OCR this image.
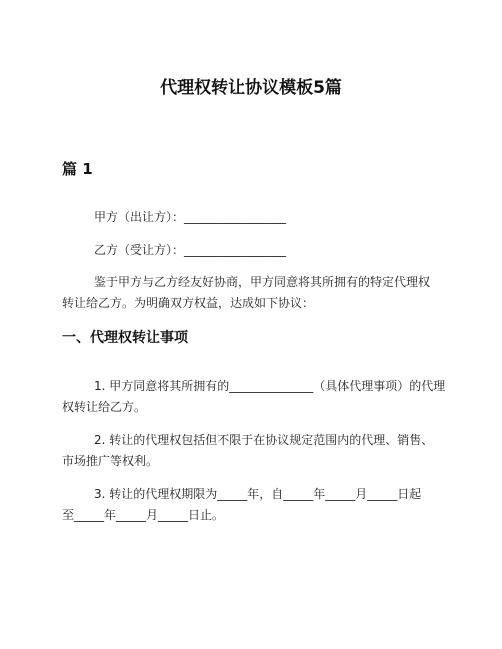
代理权转让协议模板5篇
篇 1
甲方（出让方）：_________________
乙方（受让方）：_________________
鉴于甲方与乙方经友好协商，甲方同意将其所拥有的特定代理权
转让给乙方。为明确双方权益，达成如下协议：
一、代理权转让事项
1. 甲方同意将其所拥有的______________（具体代理事项）的代理
权转让给乙方。
2. 转让的代理权包括但不限于在协议规定范围内的代理、销售、
市场推广等权利。
3. 转让的代理权期限为_____年，自_____年_____月_____日起
至_____年_____月_____日止。
